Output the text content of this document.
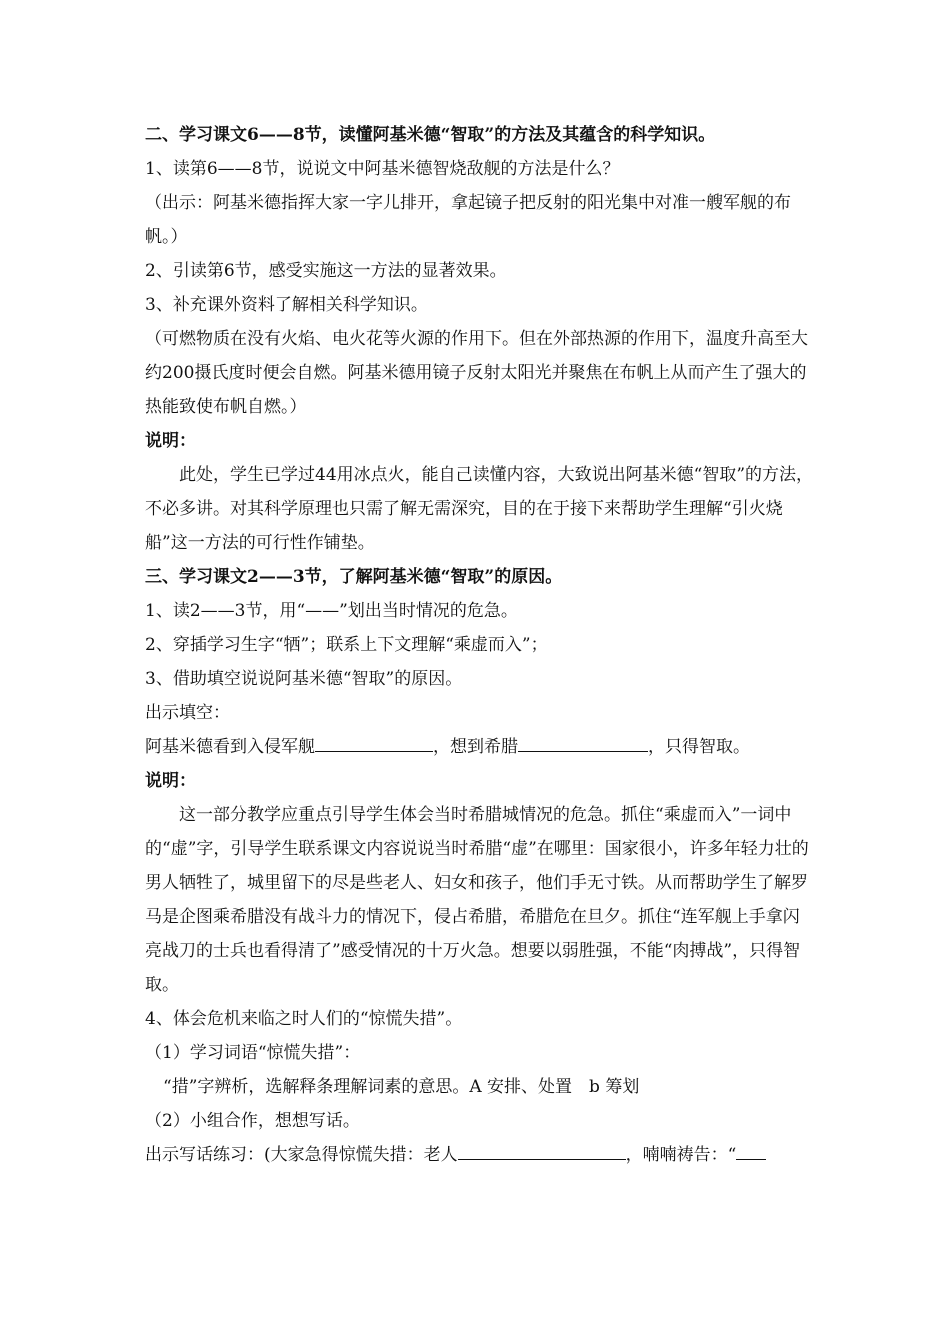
二、学习课文6——8节，读懂阿基米德“智取”的方法及其蕴含的科学知识。
1、读第6——8节，说说文中阿基米德智烧敌舰的方法是什么？
（出示：阿基米德指挥大家一字儿排开，拿起镜子把反射的阳光集中对准一艘军舰的布帆。）
2、引读第6节，感受实施这一方法的显著效果。
3、补充课外资料了解相关科学知识。
（可燃物质在没有火焰、电火花等火源的作用下。但在外部热源的作用下，温度升高至大约200摄氏度时便会自燃。阿基米德用镜子反射太阳光并聚焦在布帆上从而产生了强大的热能致使布帆自燃。）
说明：
此处，学生已学过44用冰点火，能自己读懂内容，大致说出阿基米德“智取”的方法，不必多讲。对其科学原理也只需了解无需深究，目的在于接下来帮助学生理解“引火烧船”这一方法的可行性作铺垫。
三、学习课文2——3节，了解阿基米德“智取”的原因。
1、读2——3节，用“——”划出当时情况的危急。
2、穿插学习生字“牺”；联系上下文理解“乘虚而入”；
3、借助填空说说阿基米德“智取”的原因。
出示填空：
阿基米德看到入侵军舰	，想到希腊	，只得智取。
说明：
这一部分教学应重点引导学生体会当时希腊城情况的危急。抓住“乘虚而入”一词中的“虚”字，引导学生联系课文内容说说当时希腊“虚”在哪里：国家很小，许多年轻力壮的男人牺牲了，城里留下的尽是些老人、妇女和孩子，他们手无寸铁。从而帮助学生了解罗马是企图乘希腊没有战斗力的情况下，侵占希腊，希腊危在旦夕。抓住“连军舰上手拿闪亮战刀的士兵也看得清了”感受情况的十万火急。想要以弱胜强，不能“肉搏战”，只得智取。
4、体会危机来临之时人们的“惊慌失措”。
（1）学习词语“惊慌失措”：
“措”字辨析，选解释条理解词素的意思。A 安排、处置　b 筹划
（2）小组合作，想想写话。
出示写话练习：(大家急得惊慌失措：老人	，喃喃祷告：“
